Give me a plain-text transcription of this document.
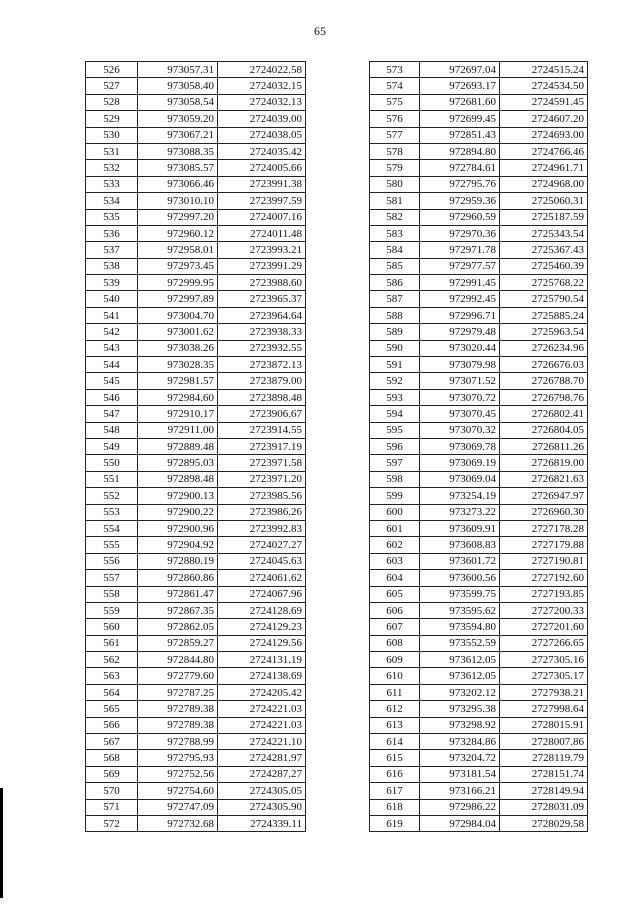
65
526	973057.31	2724022.58
527	973058.40	2724032.15
528	973058.54	2724032.13
529	973059.20	2724039.00
530	973067.21	2724038.05
531	973088.35	2724035.42
532	973085.57	2724005.66
533	973066.46	2723991.38
534	973010.10	2723997.59
535	972997.20	2724007.16
536	972960.12	2724011.48
537	972958.01	2723993.21
538	972973.45	2723991.29
539	972999.95	2723988.60
540	972997.89	2723965.37
541	973004.70	2723964.64
542	973001.62	2723938.33
543	973038.26	2723932.55
544	973028.35	2723872.13
545	972981.57	2723879.00
546	972984.60	2723898.48
547	972910.17	2723906.67
548	972911.00	2723914.55
549	972889.48	2723917.19
550	972895.03	2723971.58
551	972898.48	2723971.20
552	972900.13	2723985.56
553	972900.22	2723986.26
554	972900.96	2723992.83
555	972904.92	2724027.27
556	972880.19	2724045.63
557	972860.86	2724061.62
558	972861.47	2724067.96
559	972867.35	2724128.69
560	972862.05	2724129.23
561	972859.27	2724129.56
562	972844.80	2724131.19
563	972779.60	2724138.69
564	972787.25	2724205.42
565	972789.38	2724221.03
566	972789.38	2724221.03
567	972788.99	2724221.10
568	972795.93	2724281.97
569	972752.56	2724287.27
570	972754.60	2724305.05
571	972747.09	2724305.90
572	972732.68	2724339.11
573	972697.04	2724515.24
574	972693.17	2724534.50
575	972681.60	2724591.45
576	972699.45	2724607.20
577	972851.43	2724693.00
578	972894.80	2724766.46
579	972784.61	2724961.71
580	972795.76	2724968.00
581	972959.36	2725060.31
582	972960.59	2725187.59
583	972970.36	2725343.54
584	972971.78	2725367.43
585	972977.57	2725460.39
586	972991.45	2725768.22
587	972992.45	2725790.54
588	972996.71	2725885.24
589	972979.48	2725963.54
590	973020.44	2726234.96
591	973079.98	2726676.03
592	973071.52	2726788.70
593	973070.72	2726798.76
594	973070.45	2726802.41
595	973070.32	2726804.05
596	973069.78	2726811.26
597	973069.19	2726819.00
598	973069.04	2726821.63
599	973254.19	2726947.97
600	973273.22	2726960.30
601	973609.91	2727178.28
602	973608.83	2727179.88
603	973601.72	2727190.81
604	973600.56	2727192.60
605	973599.75	2727193.85
606	973595.62	2727200.33
607	973594.80	2727201.60
608	973552.59	2727266.65
609	973612.05	2727305.16
610	973612.05	2727305.17
611	973202.12	2727938.21
612	973295.38	2727998.64
613	973298.92	2728015.91
614	973284.86	2728007.86
615	973204.72	2728119.79
616	973181.54	2728151.74
617	973166.21	2728149.94
618	972986.22	2728031.09
619	972984.04	2728029.58
